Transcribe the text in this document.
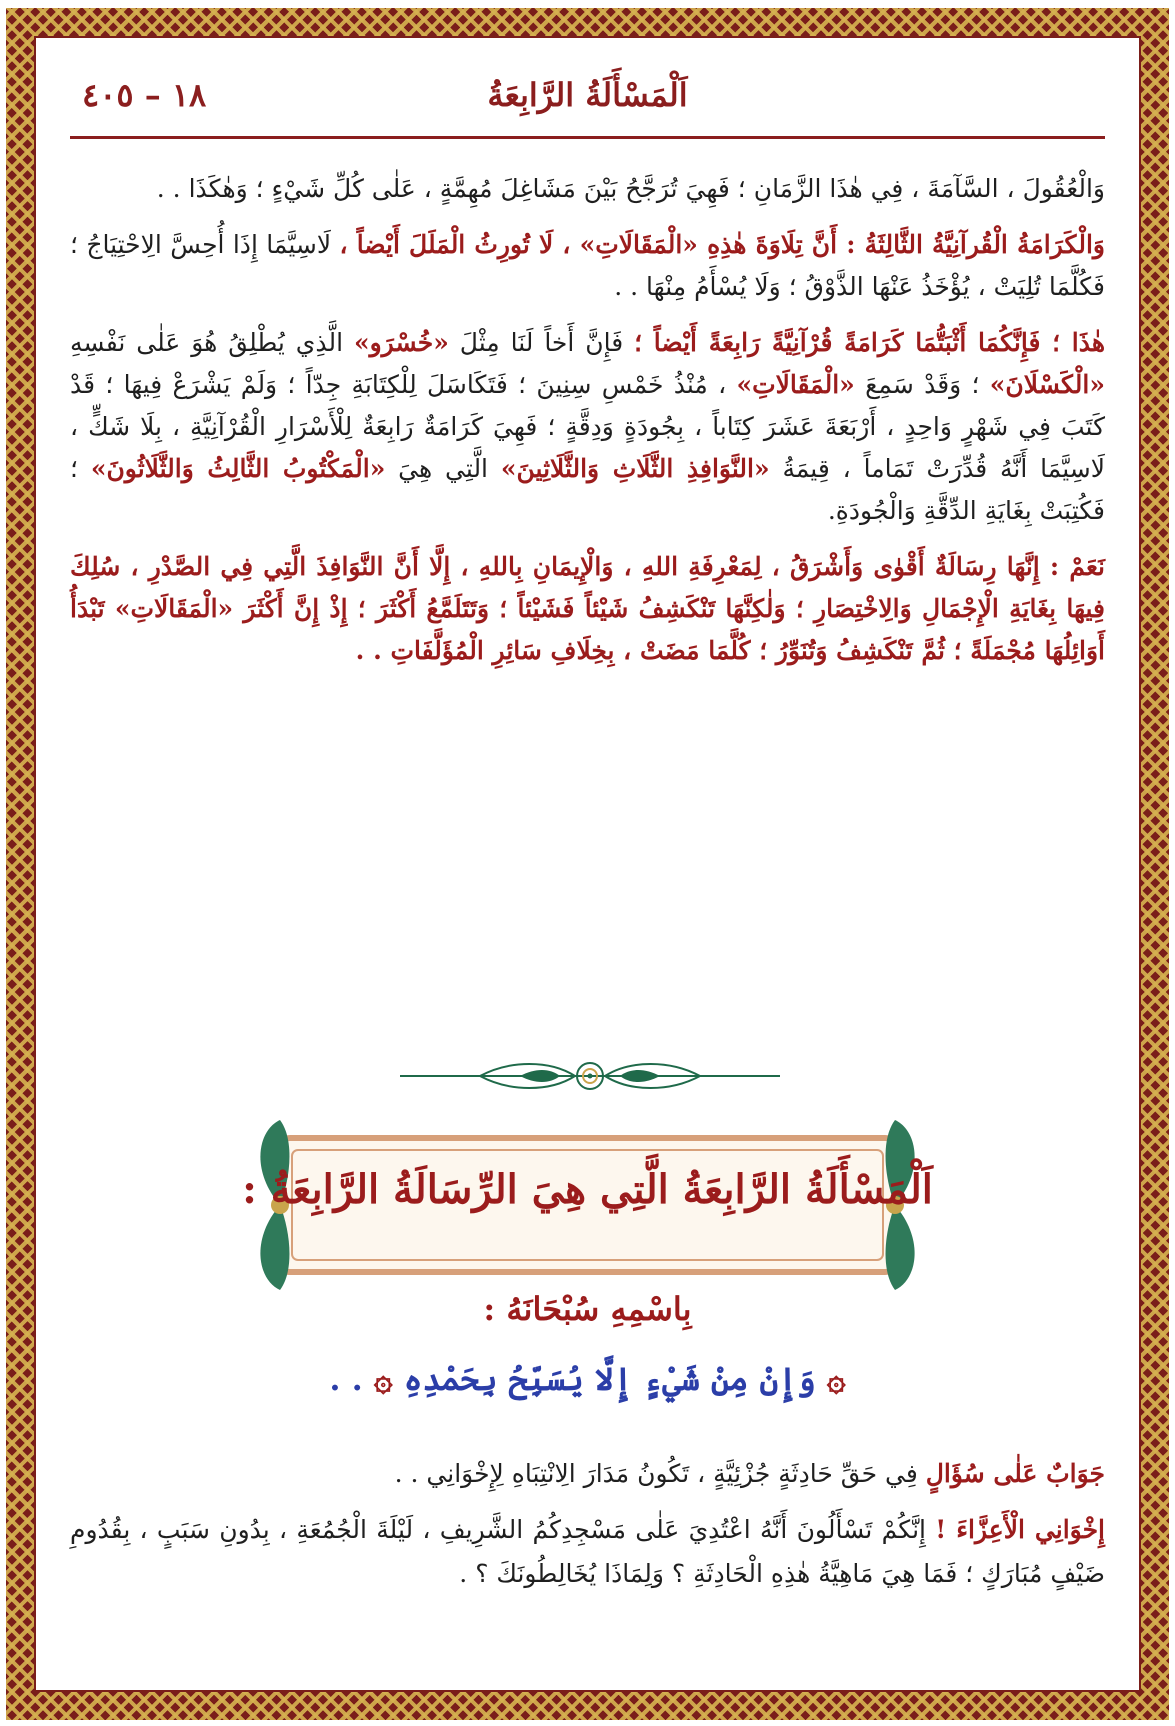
اَلْمَسْأَلَةُ الرَّابِعَةُ
١٨ – ٤٠٥

وَالْعُقُولَ ، السَّآمَةَ ، فِي هٰذَا الزَّمَانِ ؛ فَهِيَ تُرَجَّحُ بَيْنَ مَشَاغِلَ مُهِمَّةٍ ، عَلٰى كُلِّ شَيْءٍ ؛ وَهٰكَذَا . .

وَالْكَرَامَةُ الْقُرآنِيَّةُ الثَّالِثَةُ : أَنَّ تِلَاوَةَ هٰذِهِ «الْمَقَالَاتِ» ، لَا تُورِثُ الْمَلَلَ أَيْضاً ، لَاسِيَّمَا إِذَا أُحِسَّ الِاحْتِيَاجُ ؛ فَكُلَّمَا تُلِيَتْ ، يُؤْخَذُ عَنْهَا الذَّوْقُ ؛ وَلَا يُسْأَمُ مِنْهَا . .

هٰذَا ؛ فَإِنَّكُمَا أَثْبَتُّمَا كَرَامَةً قُرْآنِيَّةً رَابِعَةً أَيْضاً ؛ فَإِنَّ أَخاً لَنَا مِثْلَ «خُسْرَو» الَّذِي يُطْلِقُ هُوَ عَلٰى نَفْسِهِ «الْكَسْلَانَ» ؛ وَقَدْ سَمِعَ «الْمَقَالَاتِ» ، مُنْذُ خَمْسِ سِنِينَ ؛ فَتَكَاسَلَ لِلْكِتَابَةِ جِدّاً ؛ وَلَمْ يَشْرَعْ فِيهَا ؛ قَدْ كَتَبَ فِي شَهْرٍ وَاحِدٍ ، أَرْبَعَةَ عَشَرَ كِتَاباً ، بِجُودَةٍ وَدِقَّةٍ ؛ فَهِيَ كَرَامَةٌ رَابِعَةٌ لِلْأَسْرَارِ الْقُرْآنِيَّةِ ، بِلَا شَكٍّ ، لَاسِيَّمَا أَنَّهُ قُدِّرَتْ تَمَاماً ، قِيمَةُ «النَّوَافِذِ الثَّلَاثِ وَالثَّلَاثِينَ» الَّتِي هِيَ «الْمَكْتُوبُ الثَّالِثُ وَالثَّلَاثُونَ» ؛ فَكُتِبَتْ بِغَايَةِ الدِّقَّةِ وَالْجُودَةِ.

نَعَمْ : إِنَّهَا رِسَالَةٌ أَقْوٰى وَأَشْرَقُ ، لِمَعْرِفَةِ اللهِ ، وَالْإِيمَانِ بِاللهِ ، إِلَّا أَنَّ النَّوَافِذَ الَّتِي فِي الصَّدْرِ ، سُلِكَ فِيهَا بِغَايَةِ الْإِجْمَالِ وَالِاخْتِصَارِ ؛ وَلٰكِنَّهَا تَنْكَشِفُ شَيْئاً فَشَيْئاً ؛ وَتَتَلَمَّعُ أَكْثَرَ ؛ إِذْ إِنَّ أَكْثَرَ «الْمَقَالَاتِ» تَبْدَأُ أَوَائِلُهَا مُجْمَلَةً ؛ ثُمَّ تَنْكَشِفُ وَتُنَوِّرُ ؛ كُلَّمَا مَضَتْ ، بِخِلَافِ سَائِرِ الْمُؤَلَّفَاتِ . .

اَلْمَسْأَلَةُ الرَّابِعَةُ الَّتِي هِيَ الرِّسَالَةُ الرَّابِعَةُ :
بِاسْمِهِ سُبْحَانَهُ :
۞ وَإِنْ مِنْ شَيْءٍ إِلَّا يُسَبِّحُ بِحَمْدِهِ ۞ . .

جَوَابٌ عَلٰى سُؤَالٍ فِي حَقِّ حَادِثَةٍ جُزْئِيَّةٍ ، تَكُونُ مَدَارَ الِانْتِبَاهِ لِإِخْوَانِي . .

إِخْوَانِي الْأَعِزَّاءَ ! إِنَّكُمْ تَسْأَلُونَ أَنَّهُ اعْتُدِيَ عَلٰى مَسْجِدِكُمُ الشَّرِيفِ ، لَيْلَةَ الْجُمُعَةِ ، بِدُونِ سَبَبٍ ، بِقُدُومِ ضَيْفٍ مُبَارَكٍ ؛ فَمَا هِيَ مَاهِيَّةُ هٰذِهِ الْحَادِثَةِ ؟ وَلِمَاذَا يُخَالِطُونَكَ ؟ .
